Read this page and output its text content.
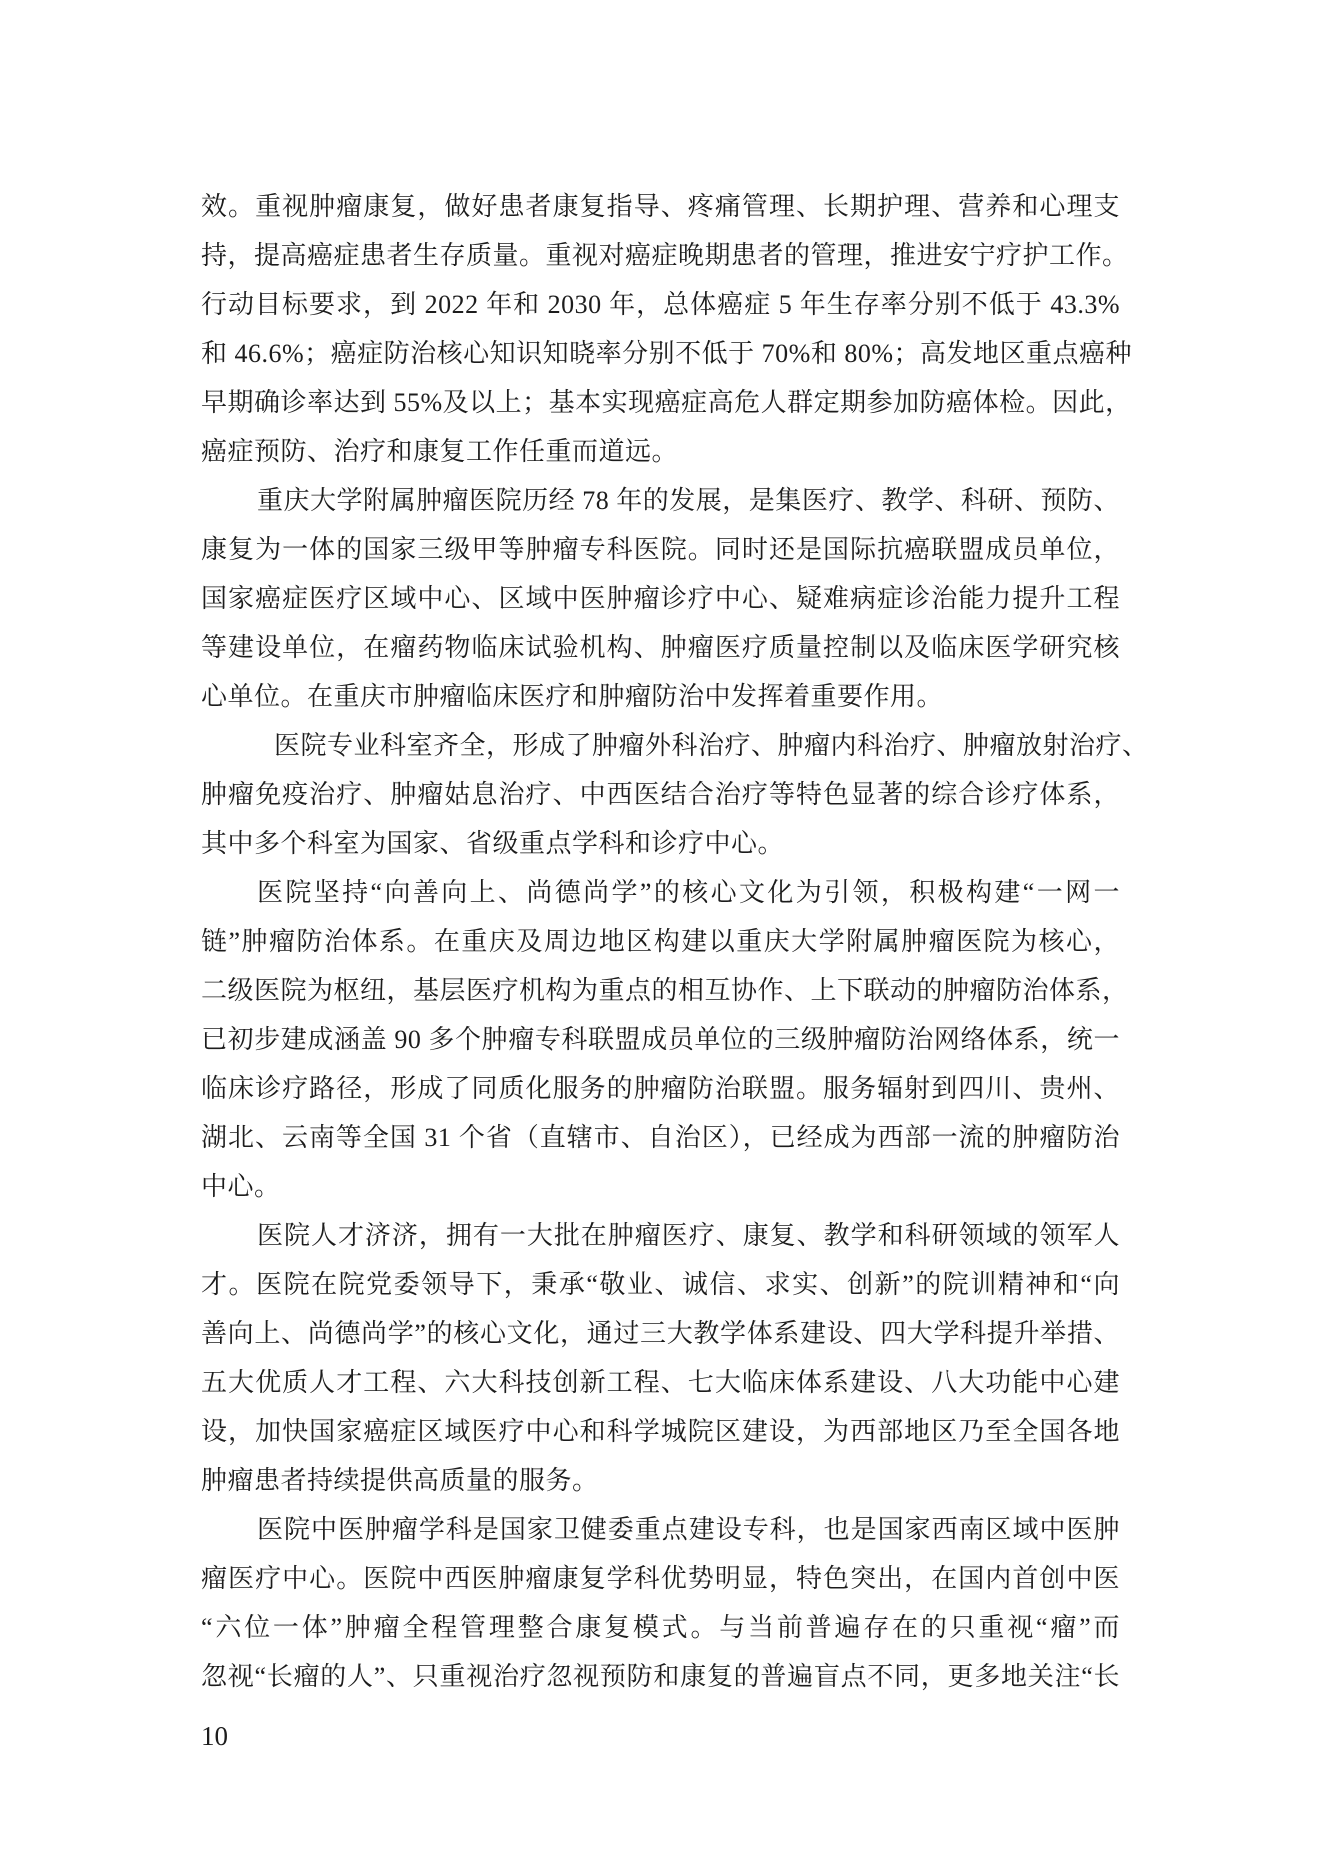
效。重视肿瘤康复，做好患者康复指导、疼痛管理、长期护理、营养和心理支
持，提高癌症患者生存质量。重视对癌症晚期患者的管理，推进安宁疗护工作。
行动目标要求，到 2022 年和 2030 年，总体癌症 5 年生存率分别不低于 43.3%
和 46.6%；癌症防治核心知识知晓率分别不低于 70%和 80%；高发地区重点癌种
早期确诊率达到 55%及以上；基本实现癌症高危人群定期参加防癌体检。因此，
癌症预防、治疗和康复工作任重而道远。
重庆大学附属肿瘤医院历经 78 年的发展，是集医疗、教学、科研、预防、
康复为一体的国家三级甲等肿瘤专科医院。同时还是国际抗癌联盟成员单位，
国家癌症医疗区域中心、区域中医肿瘤诊疗中心、疑难病症诊治能力提升工程
等建设单位，在瘤药物临床试验机构、肿瘤医疗质量控制以及临床医学研究核
心单位。在重庆市肿瘤临床医疗和肿瘤防治中发挥着重要作用。
医院专业科室齐全，形成了肿瘤外科治疗、肿瘤内科治疗、肿瘤放射治疗、
肿瘤免疫治疗、肿瘤姑息治疗、中西医结合治疗等特色显著的综合诊疗体系，
其中多个科室为国家、省级重点学科和诊疗中心。
医院坚持“向善向上、尚德尚学”的核心文化为引领，积极构建“一网一
链”肿瘤防治体系。在重庆及周边地区构建以重庆大学附属肿瘤医院为核心，
二级医院为枢纽，基层医疗机构为重点的相互协作、上下联动的肿瘤防治体系，
已初步建成涵盖 90 多个肿瘤专科联盟成员单位的三级肿瘤防治网络体系，统一
临床诊疗路径，形成了同质化服务的肿瘤防治联盟。服务辐射到四川、贵州、
湖北、云南等全国 31 个省（直辖市、自治区），已经成为西部一流的肿瘤防治
中心。
医院人才济济，拥有一大批在肿瘤医疗、康复、教学和科研领域的领军人
才。医院在院党委领导下，秉承“敬业、诚信、求实、创新”的院训精神和“向
善向上、尚德尚学”的核心文化，通过三大教学体系建设、四大学科提升举措、
五大优质人才工程、六大科技创新工程、七大临床体系建设、八大功能中心建
设，加快国家癌症区域医疗中心和科学城院区建设，为西部地区乃至全国各地
肿瘤患者持续提供高质量的服务。
医院中医肿瘤学科是国家卫健委重点建设专科，也是国家西南区域中医肿
瘤医疗中心。医院中西医肿瘤康复学科优势明显，特色突出，在国内首创中医
“六位一体”肿瘤全程管理整合康复模式。与当前普遍存在的只重视“瘤”而
忽视“长瘤的人”、只重视治疗忽视预防和康复的普遍盲点不同，更多地关注“长
10
